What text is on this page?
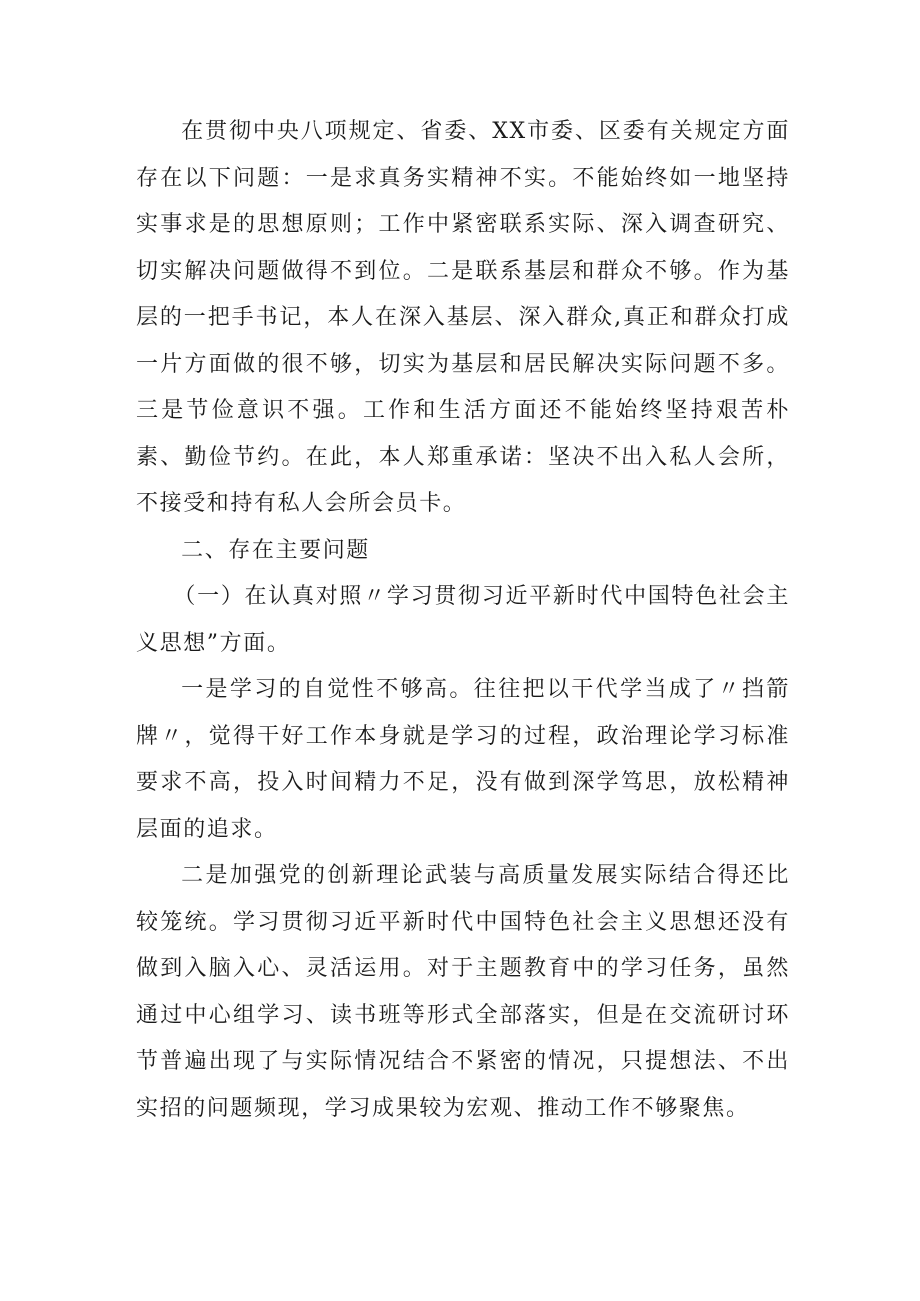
在贯彻中央八项规定、省委、XX市委、区委有关规定方面存在以下问题：一是求真务实精神不实。不能始终如一地坚持实事求是的思想原则；工作中紧密联系实际、深入调查研究、切实解决问题做得不到位。二是联系基层和群众不够。作为基层的一把手书记，本人在深入基层、深入群众,真正和群众打成一片方面做的很不够，切实为基层和居民解决实际问题不多。三是节俭意识不强。工作和生活方面还不能始终坚持艰苦朴素、勤俭节约。在此，本人郑重承诺：坚决不出入私人会所，不接受和持有私人会所会员卡。

二、存在主要问题

（一）在认真对照〃学习贯彻习近平新时代中国特色社会主义思想”方面。

一是学习的自觉性不够高。往往把以干代学当成了〃挡箭牌〃，觉得干好工作本身就是学习的过程，政治理论学习标准要求不高，投入时间精力不足，没有做到深学笃思，放松精神层面的追求。

二是加强党的创新理论武装与高质量发展实际结合得还比较笼统。学习贯彻习近平新时代中国特色社会主义思想还没有做到入脑入心、灵活运用。对于主题教育中的学习任务，虽然通过中心组学习、读书班等形式全部落实，但是在交流研讨环节普遍出现了与实际情况结合不紧密的情况，只提想法、不出实招的问题频现，学习成果较为宏观、推动工作不够聚焦。
